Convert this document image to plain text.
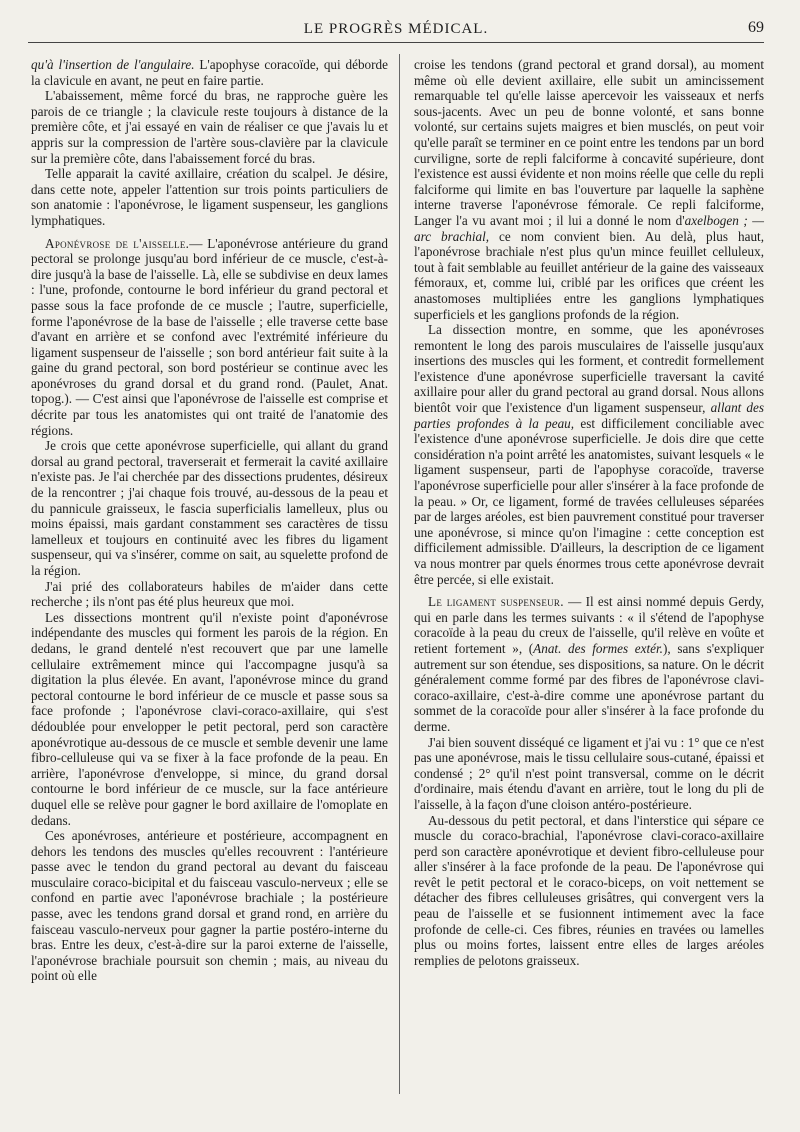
LE PROGRÈS MÉDICAL.	69

qu'à l'insertion de l'angulaire. L'apophyse coracoïde, qui déborde la clavicule en avant, ne peut en faire partie.

L'abaissement, même forcé du bras, ne rapproche guère les parois de ce triangle ; la clavicule reste toujours à distance de la première côte, et j'ai essayé en vain de réaliser ce que j'avais lu et appris sur la compression de l'artère sous-clavière par la clavicule sur la première côte, dans l'abaissement forcé du bras.

Telle apparait la cavité axillaire, création du scalpel. Je désire, dans cette note, appeler l'attention sur trois points particuliers de son anatomie : l'aponévrose, le ligament suspenseur, les ganglions lymphatiques.

Aponévrose de l'aisselle.— L'aponévrose antérieure du grand pectoral se prolonge jusqu'au bord inférieur de ce muscle, c'est-à-dire jusqu'à la base de l'aisselle. Là, elle se subdivise en deux lames : l'une, profonde, contourne le bord inférieur du grand pectoral et passe sous la face profonde de ce muscle ; l'autre, superficielle, forme l'aponévrose de la base de l'aisselle ; elle traverse cette base d'avant en arrière et se confond avec l'extrémité inférieure du ligament suspenseur de l'aisselle ; son bord antérieur fait suite à la gaine du grand pectoral, son bord postérieur se continue avec les aponévroses du grand dorsal et du grand rond. (Paulet, Anat. topog.). — C'est ainsi que l'aponévrose de l'aisselle est comprise et décrite par tous les anatomistes qui ont traité de l'anatomie des régions.

Je crois que cette aponévrose superficielle, qui allant du grand dorsal au grand pectoral, traverserait et fermerait la cavité axillaire n'existe pas. Je l'ai cherchée par des dissections prudentes, désireux de la rencontrer ; j'ai chaque fois trouvé, au-dessous de la peau et du pannicule graisseux, le fascia superficialis lamelleux, plus ou moins épaissi, mais gardant constamment ses caractères de tissu lamelleux et toujours en continuité avec les fibres du ligament suspenseur, qui va s'insérer, comme on sait, au squelette profond de la région.

J'ai prié des collaborateurs habiles de m'aider dans cette recherche ; ils n'ont pas été plus heureux que moi.

Les dissections montrent qu'il n'existe point d'aponévrose indépendante des muscles qui forment les parois de la région. En dedans, le grand dentelé n'est recouvert que par une lamelle cellulaire extrêmement mince qui l'accompagne jusqu'à sa digitation la plus élevée. En avant, l'aponévrose mince du grand pectoral contourne le bord inférieur de ce muscle et passe sous sa face profonde ; l'aponévrose clavi-coraco-axillaire, qui s'est dédoublée pour envelopper le petit pectoral, perd son caractère aponévrotique au-dessous de ce muscle et semble devenir une lame fibro-celluleuse qui va se fixer à la face profonde de la peau. En arrière, l'aponévrose d'enveloppe, si mince, du grand dorsal contourne le bord inférieur de ce muscle, sur la face antérieure duquel elle se relève pour gagner le bord axillaire de l'omoplate en dedans.

Ces aponévroses, antérieure et postérieure, accompagnent en dehors les tendons des muscles qu'elles recouvrent : l'antérieure passe avec le tendon du grand pectoral au devant du faisceau musculaire coraco-bicipital et du faisceau vasculo-nerveux ; elle se confond en partie avec l'aponévrose brachiale ; la postérieure passe, avec les tendons grand dorsal et grand rond, en arrière du faisceau vasculo-nerveux pour gagner la partie postéro-interne du bras. Entre les deux, c'est-à-dire sur la paroi externe de l'aisselle, l'aponévrose brachiale poursuit son chemin ; mais, au niveau du point où elle

croise les tendons (grand pectoral et grand dorsal), au moment même où elle devient axillaire, elle subit un amincissement remarquable tel qu'elle laisse apercevoir les vaisseaux et nerfs sous-jacents. Avec un peu de bonne volonté, et sans bonne volonté, sur certains sujets maigres et bien musclés, on peut voir qu'elle paraît se terminer en ce point entre les tendons par un bord curviligne, sorte de repli falciforme à concavité supérieure, dont l'existence est aussi évidente et non moins réelle que celle du repli falciforme qui limite en bas l'ouverture par laquelle la saphène interne traverse l'aponévrose fémorale. Ce repli falciforme, Langer l'a vu avant moi ; il lui a donné le nom d'axelbogen ; — arc brachial, ce nom convient bien. Au delà, plus haut, l'aponévrose brachiale n'est plus qu'un mince feuillet celluleux, tout à fait semblable au feuillet antérieur de la gaine des vaisseaux fémoraux, et, comme lui, criblé par les orifices que créent les anastomoses multipliées entre les ganglions lymphatiques superficiels et les ganglions profonds de la région.

La dissection montre, en somme, que les aponévroses remontent le long des parois musculaires de l'aisselle jusqu'aux insertions des muscles qui les forment, et contredit formellement l'existence d'une aponévrose superficielle traversant la cavité axillaire pour aller du grand pectoral au grand dorsal. Nous allons bientôt voir que l'existence d'un ligament suspenseur, allant des parties profondes à la peau, est difficilement conciliable avec l'existence d'une aponévrose superficielle. Je dois dire que cette considération n'a point arrêté les anatomistes, suivant lesquels « le ligament suspenseur, parti de l'apophyse coracoïde, traverse l'aponévrose superficielle pour aller s'insérer à la face profonde de la peau. » Or, ce ligament, formé de travées celluleuses séparées par de larges aréoles, est bien pauvrement constitué pour traverser une aponévrose, si mince qu'on l'imagine : cette conception est difficilement admissible. D'ailleurs, la description de ce ligament va nous montrer par quels énormes trous cette aponévrose devrait être percée, si elle existait.

Le ligament suspenseur. — Il est ainsi nommé depuis Gerdy, qui en parle dans les termes suivants : « il s'étend de l'apophyse coracoïde à la peau du creux de l'aisselle, qu'il relève en voûte et retient fortement », (Anat. des formes extér.), sans s'expliquer autrement sur son étendue, ses dispositions, sa nature. On le décrit généralement comme formé par des fibres de l'aponévrose clavi-coraco-axillaire, c'est-à-dire comme une aponévrose partant du sommet de la coracoïde pour aller s'insérer à la face profonde du derme.

J'ai bien souvent disséqué ce ligament et j'ai vu : 1° que ce n'est pas une aponévrose, mais le tissu cellulaire sous-cutané, épaissi et condensé ; 2° qu'il n'est point transversal, comme on le décrit d'ordinaire, mais étendu d'avant en arrière, tout le long du pli de l'aisselle, à la façon d'une cloison antéro-postérieure.

Au-dessous du petit pectoral, et dans l'interstice qui sépare ce muscle du coraco-brachial, l'aponévrose clavi-coraco-axillaire perd son caractère aponévrotique et devient fibro-celluleuse pour aller s'insérer à la face profonde de la peau. De l'aponévrose qui revêt le petit pectoral et le coraco-biceps, on voit nettement se détacher des fibres celluleuses grisâtres, qui convergent vers la peau de l'aisselle et se fusionnent intimement avec la face profonde de celle-ci. Ces fibres, réunies en travées ou lamelles plus ou moins fortes, laissent entre elles de larges aréoles remplies de pelotons graisseux.
